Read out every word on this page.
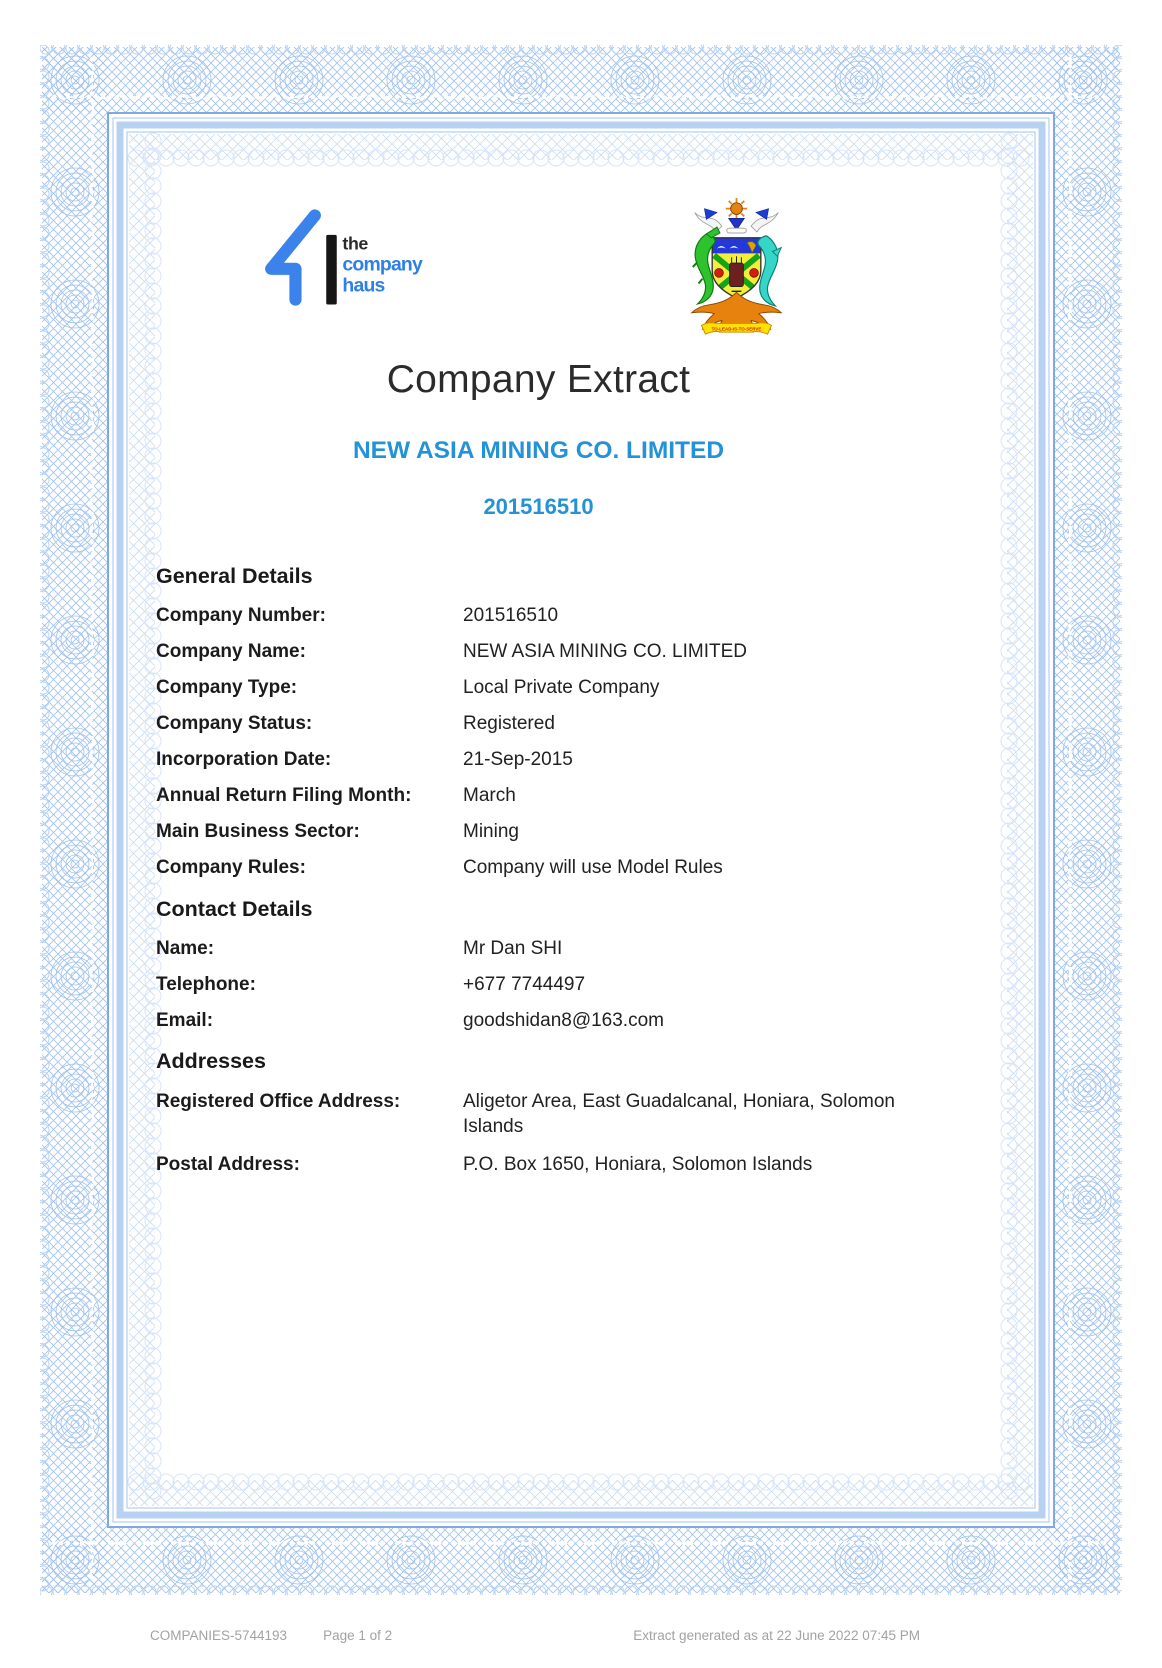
the
company
haus
TO-LEAD-IS-TO-SERVE
Company Extract
NEW ASIA MINING CO. LIMITED
201516510
General Details
Company Number:	201516510
Company Name:	NEW ASIA MINING CO. LIMITED
Company Type:	Local Private Company
Company Status:	Registered
Incorporation Date:	21-Sep-2015
Annual Return Filing Month:	March
Main Business Sector:	Mining
Company Rules:	Company will use Model Rules
Contact Details
Name:	Mr Dan SHI
Telephone:	+677 7744497
Email:	goodshidan8@163.com
Addresses
Registered Office Address:	Aligetor Area, East Guadalcanal, Honiara, Solomon Islands
Postal Address:	P.O. Box 1650, Honiara, Solomon Islands
COMPANIES-5744193	Page 1 of 2	Extract generated as at 22 June 2022 07:45 PM
